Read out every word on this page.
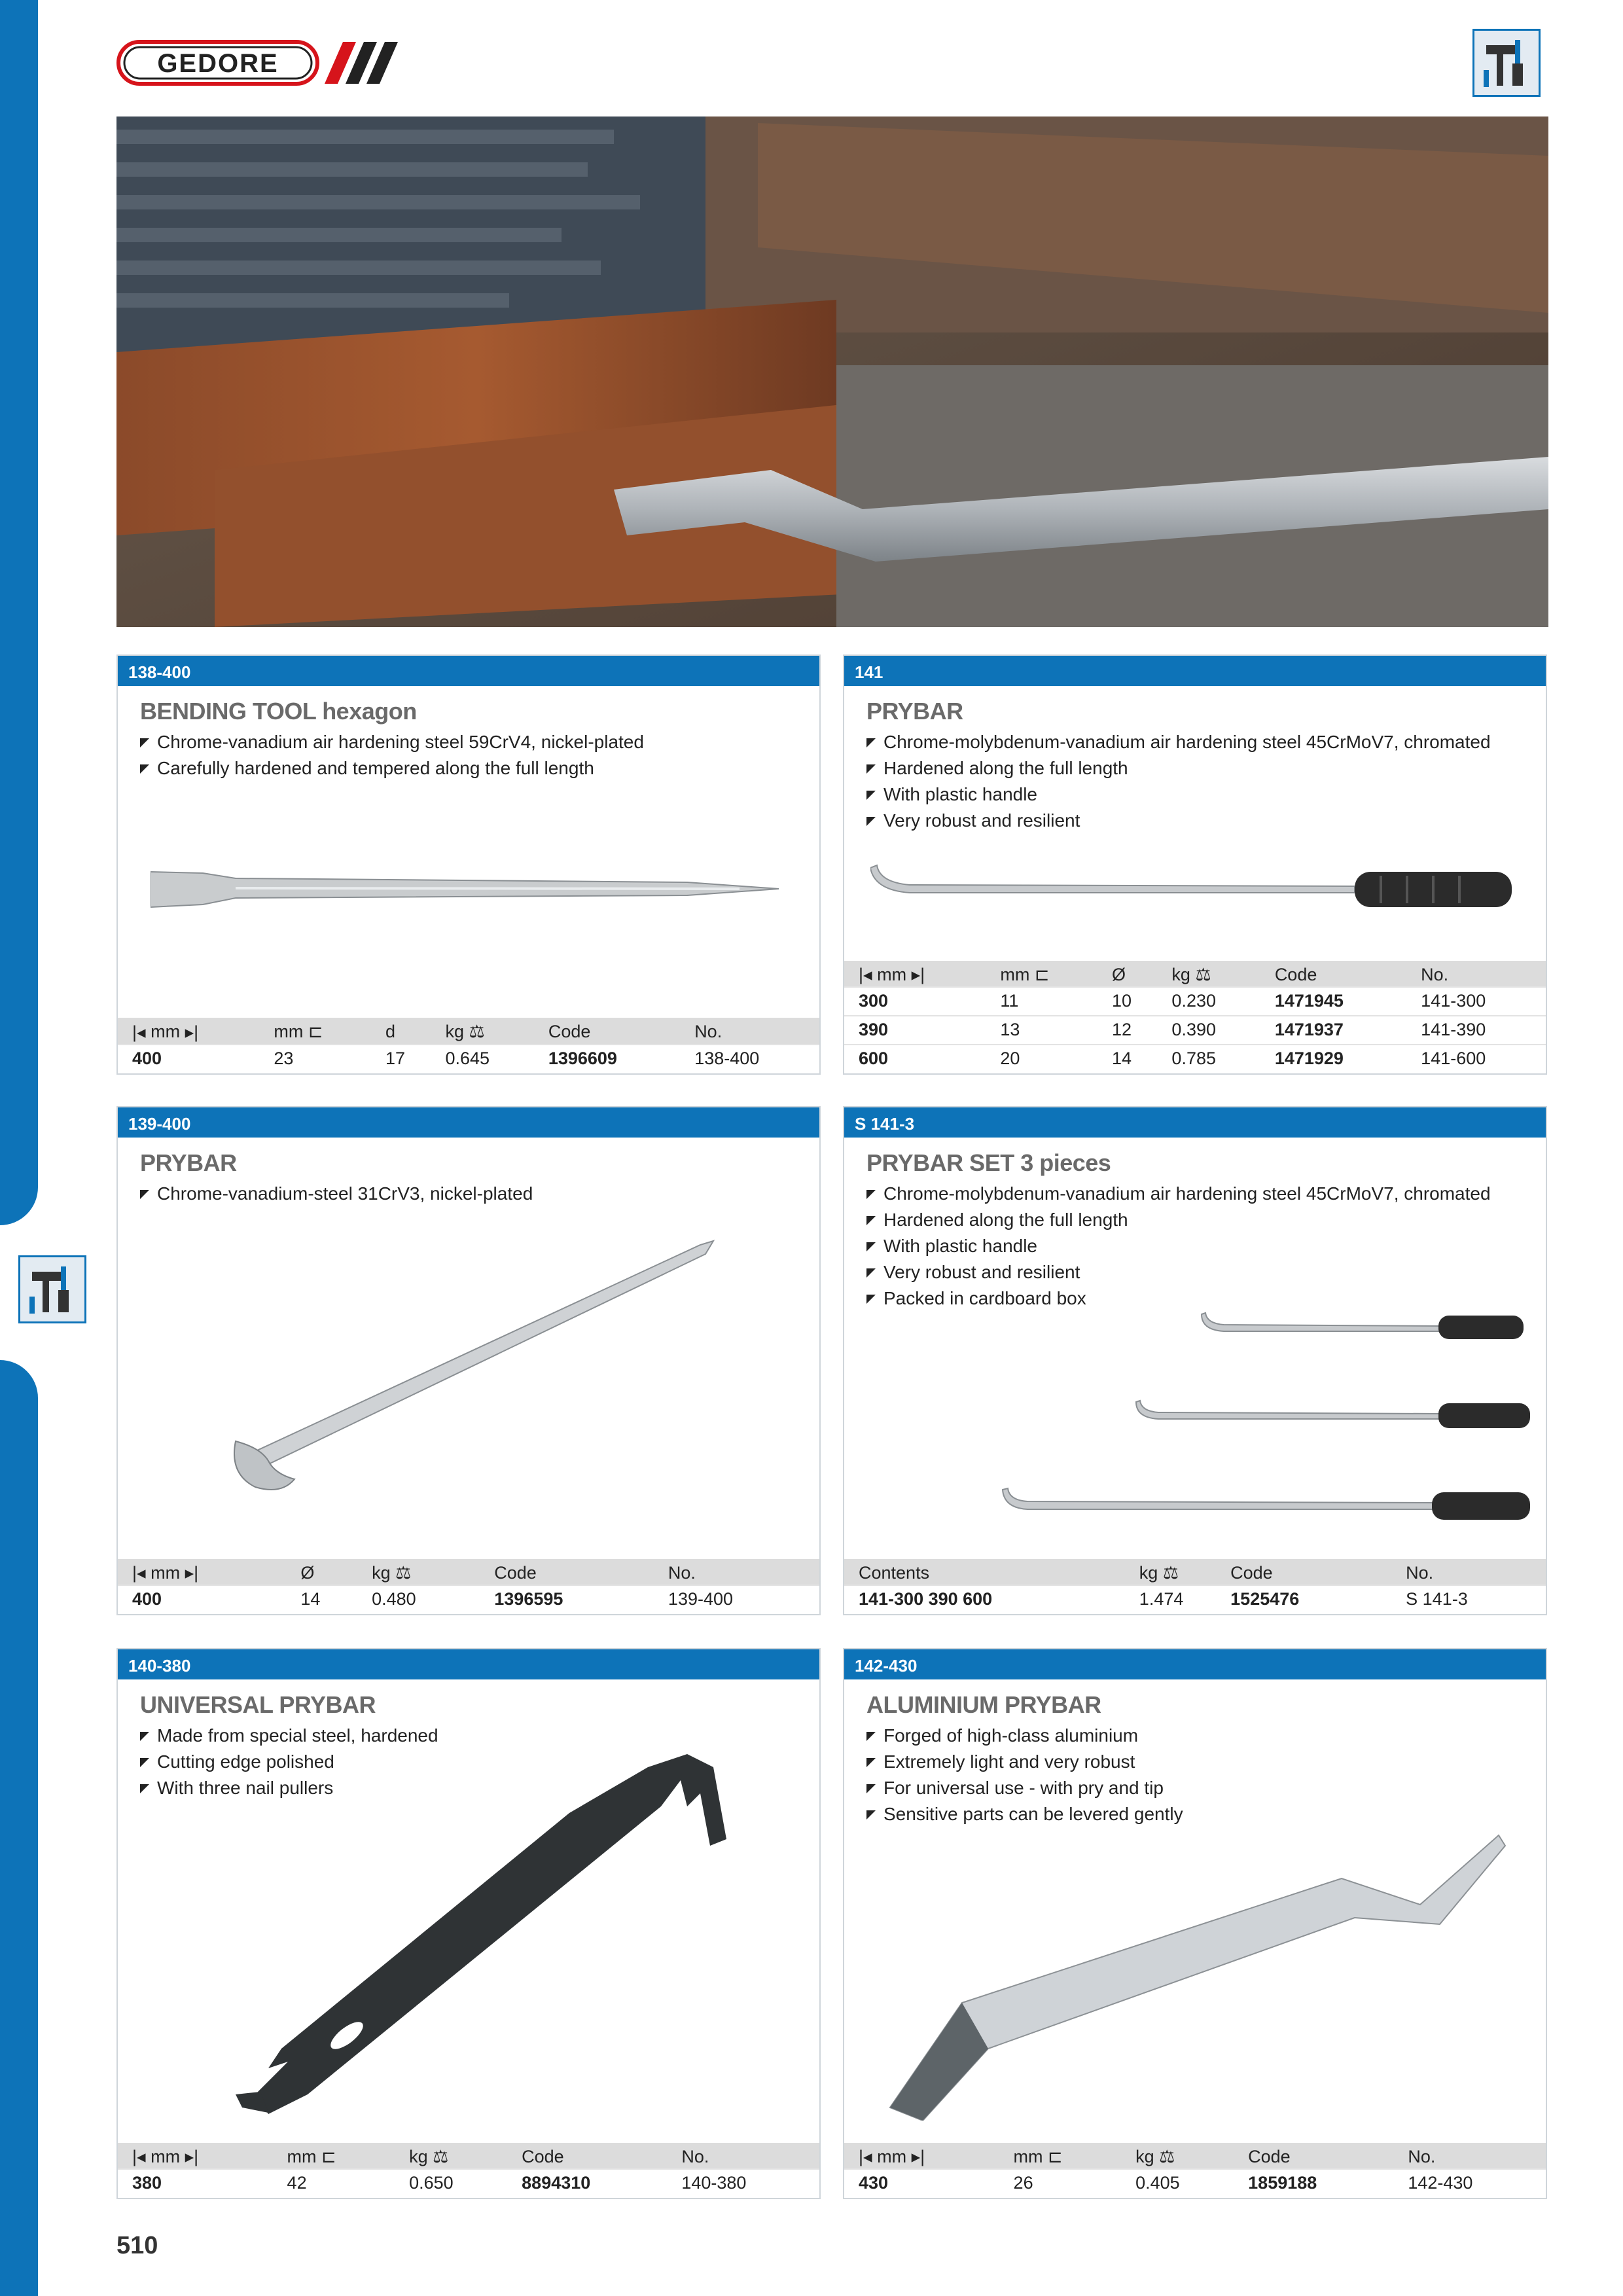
GEDORE
138-400
BENDING TOOL hexagon
Chrome-vanadium air hardening steel 59CrV4, nickel-plated
Carefully hardened and tempered along the full length
|◂ mm ▸|	mm ⊏	d	kg ⚖	Code	No.
400	23	17	0.645	1396609	138-400
141
PRYBAR
Chrome-molybdenum-vanadium air hardening steel 45CrMoV7, chromated
Hardened along the full length
With plastic handle
Very robust and resilient
|◂ mm ▸|	mm ⊏	Ø	kg ⚖	Code	No.
300	11	10	0.230	1471945	141-300
390	13	12	0.390	1471937	141-390
600	20	14	0.785	1471929	141-600
139-400
PRYBAR
Chrome-vanadium-steel 31CrV3, nickel-plated
|◂ mm ▸|	Ø	kg ⚖	Code	No.
400	14	0.480	1396595	139-400
S 141-3
PRYBAR SET 3 pieces
Chrome-molybdenum-vanadium air hardening steel 45CrMoV7, chromated
Hardened along the full length
With plastic handle
Very robust and resilient
Packed in cardboard box
Contents	kg ⚖	Code	No.
141-300 390 600	1.474	1525476	S 141-3
140-380
UNIVERSAL PRYBAR
Made from special steel, hardened
Cutting edge polished
With three nail pullers
|◂ mm ▸|	mm ⊏	kg ⚖	Code	No.
380	42	0.650	8894310	140-380
142-430
ALUMINIUM PRYBAR
Forged of high-class aluminium
Extremely light and very robust
For universal use - with pry and tip
Sensitive parts can be levered gently
|◂ mm ▸|	mm ⊏	kg ⚖	Code	No.
430	26	0.405	1859188	142-430
510
